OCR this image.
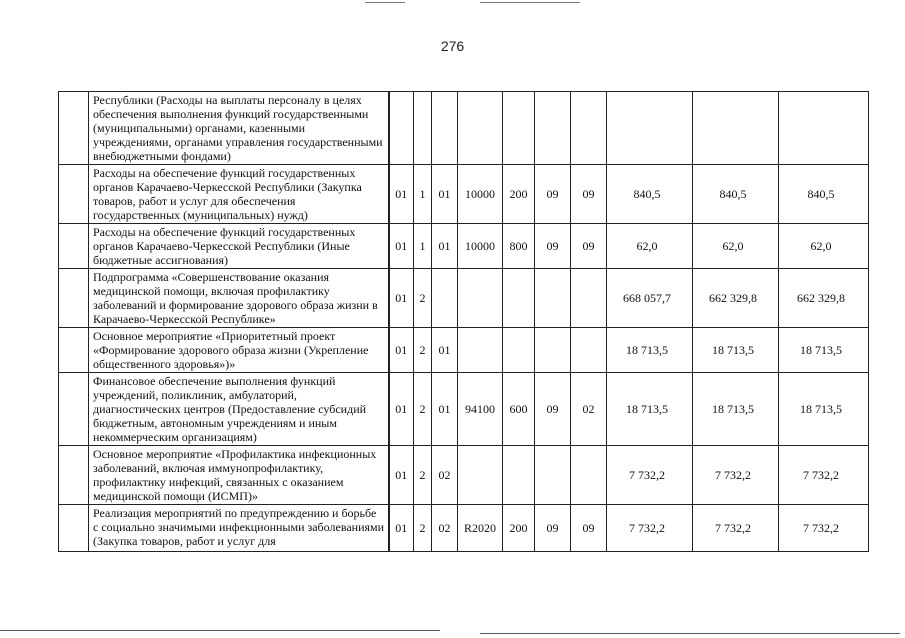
276
	Республики (Расходы на выплаты персоналу в целях обеспечения выполнения функций государственными (муниципальными) органами, казенными учреждениями, органами управления государственными внебюджетными фондами)										
	Расходы на обеспечение функций государственных органов Карачаево-Черкесской Республики (Закупка товаров, работ и услуг для обеспечения государственных (муниципальных) нужд)	01	1	01	10000	200	09	09	840,5	840,5	840,5
	Расходы на обеспечение функций государственных органов Карачаево-Черкесской Республики (Иные бюджетные ассигнования)	01	1	01	10000	800	09	09	62,0	62,0	62,0
	Подпрограмма «Совершенствование оказания медицинской помощи, включая профилактику заболеваний и формирование здорового образа жизни в Карачаево-Черкесской Республике»	01	2						668 057,7	662 329,8	662 329,8
	Основное мероприятие «Приоритетный проект «Формирование здорового образа жизни (Укрепление общественного здоровья»)»	01	2	01					18 713,5	18 713,5	18 713,5
	Финансовое обеспечение выполнения функций учреждений, поликлиник, амбулаторий, диагностических центров (Предоставление субсидий бюджетным, автономным учреждениям и иным некоммерческим организациям)	01	2	01	94100	600	09	02	18 713,5	18 713,5	18 713,5
	Основное мероприятие «Профилактика инфекционных заболеваний, включая иммунопрофилактику, профилактику инфекций, связанных с оказанием медицинской помощи (ИСМП)»	01	2	02					7 732,2	7 732,2	7 732,2
	Реализация мероприятий по предупреждению и борьбе с социально значимыми инфекционными заболеваниями (Закупка товаров, работ и услуг для	01	2	02	R2020	200	09	09	7 732,2	7 732,2	7 732,2
